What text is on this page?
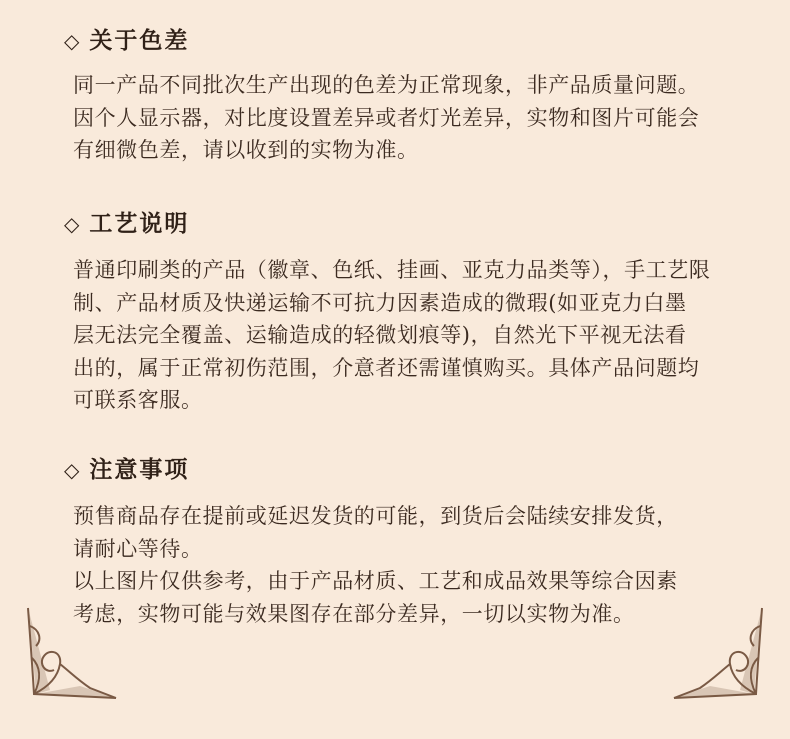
◇ 关于色差
同一产品不同批次生产出现的色差为正常现象，非产品质量问题。
因个人显示器，对比度设置差异或者灯光差异，实物和图片可能会
有细微色差，请以收到的实物为准。
◇ 工艺说明
普通印刷类的产品（徽章、色纸、挂画、亚克力品类等），手工艺限
制、产品材质及快递运输不可抗力因素造成的微瑕(如亚克力白墨
层无法完全覆盖、运输造成的轻微划痕等)，自然光下平视无法看
出的，属于正常初伤范围，介意者还需谨慎购买。具体产品问题均
可联系客服。
◇ 注意事项
预售商品存在提前或延迟发货的可能，到货后会陆续安排发货，
请耐心等待。
以上图片仅供参考，由于产品材质、工艺和成品效果等综合因素
考虑，实物可能与效果图存在部分差异，一切以实物为准。
